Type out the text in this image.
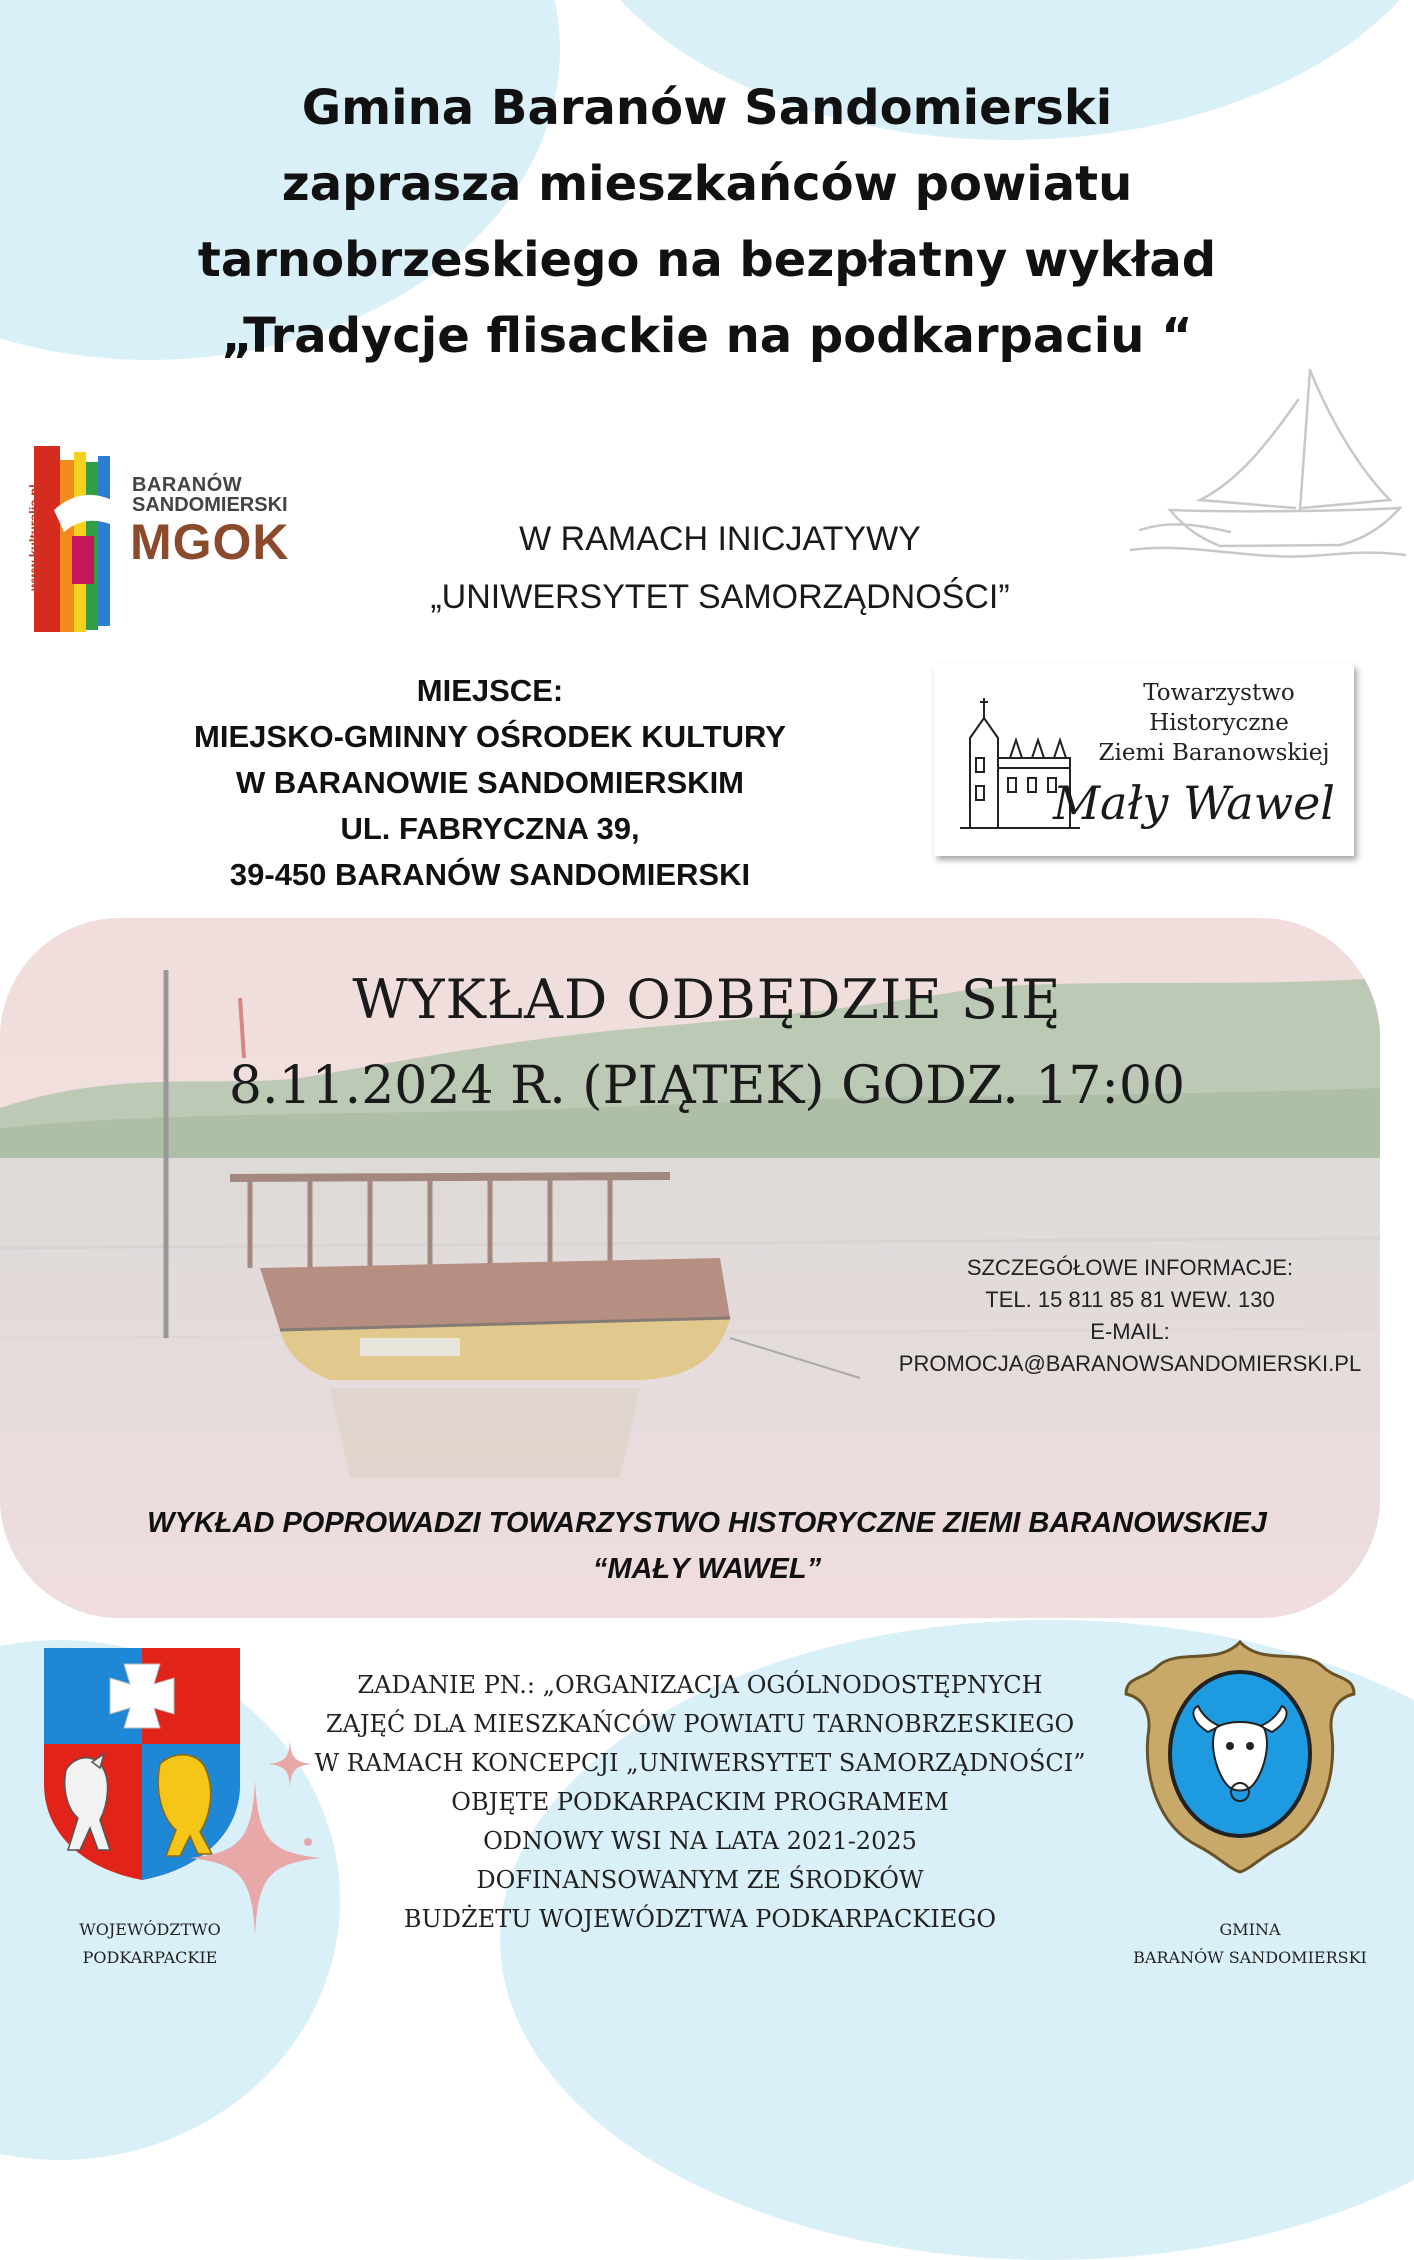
Gmina Baranów Sandomierski
zaprasza mieszkańców powiatu
tarnobrzeskiego na bezpłatny wykład
„Tradycje flisackie na podkarpaciu “
www.kulturalia.pl	BARANÓW
SANDOMIERSKI
MGOK	W RAMACH INICJATYWY
„UNIWERSYTET SAMORZĄDNOŚCI”
MIEJSCE:
MIEJSKO-GMINNY OŚRODEK KULTURY
W BARANOWIE SANDOMIERSKIM
UL. FABRYCZNA 39,
39-450 BARANÓW SANDOMIERSKI
Towarzystwo
Historyczne
Ziemi Baranowskiej
Mały Wawel
WYKŁAD ODBĘDZIE SIĘ
8.11.2024 R. (PIĄTEK) GODZ. 17:00
SZCZEGÓŁOWE INFORMACJE:
TEL. 15 811 85 81 WEW. 130
E-MAIL:
PROMOCJA@BARANOWSANDOMIERSKI.PL
WYKŁAD POPROWADZI TOWARZYSTWO HISTORYCZNE ZIEMI BARANOWSKIEJ
“MAŁY WAWEL”
WOJEWÓDZTWO
PODKARPACKIE
ZADANIE PN.: „ORGANIZACJA OGÓLNODOSTĘPNYCH
ZAJĘĆ DLA MIESZKAŃCÓW POWIATU TARNOBRZESKIEGO
W RAMACH KONCEPCJI „UNIWERSYTET SAMORZĄDNOŚCI”
OBJĘTE PODKARPACKIM PROGRAMEM
ODNOWY WSI NA LATA 2021-2025
DOFINANSOWANYM ZE ŚRODKÓW
BUDŻETU WOJEWÓDZTWA PODKARPACKIEGO	GMINA
BARANÓW SANDOMIERSKI
